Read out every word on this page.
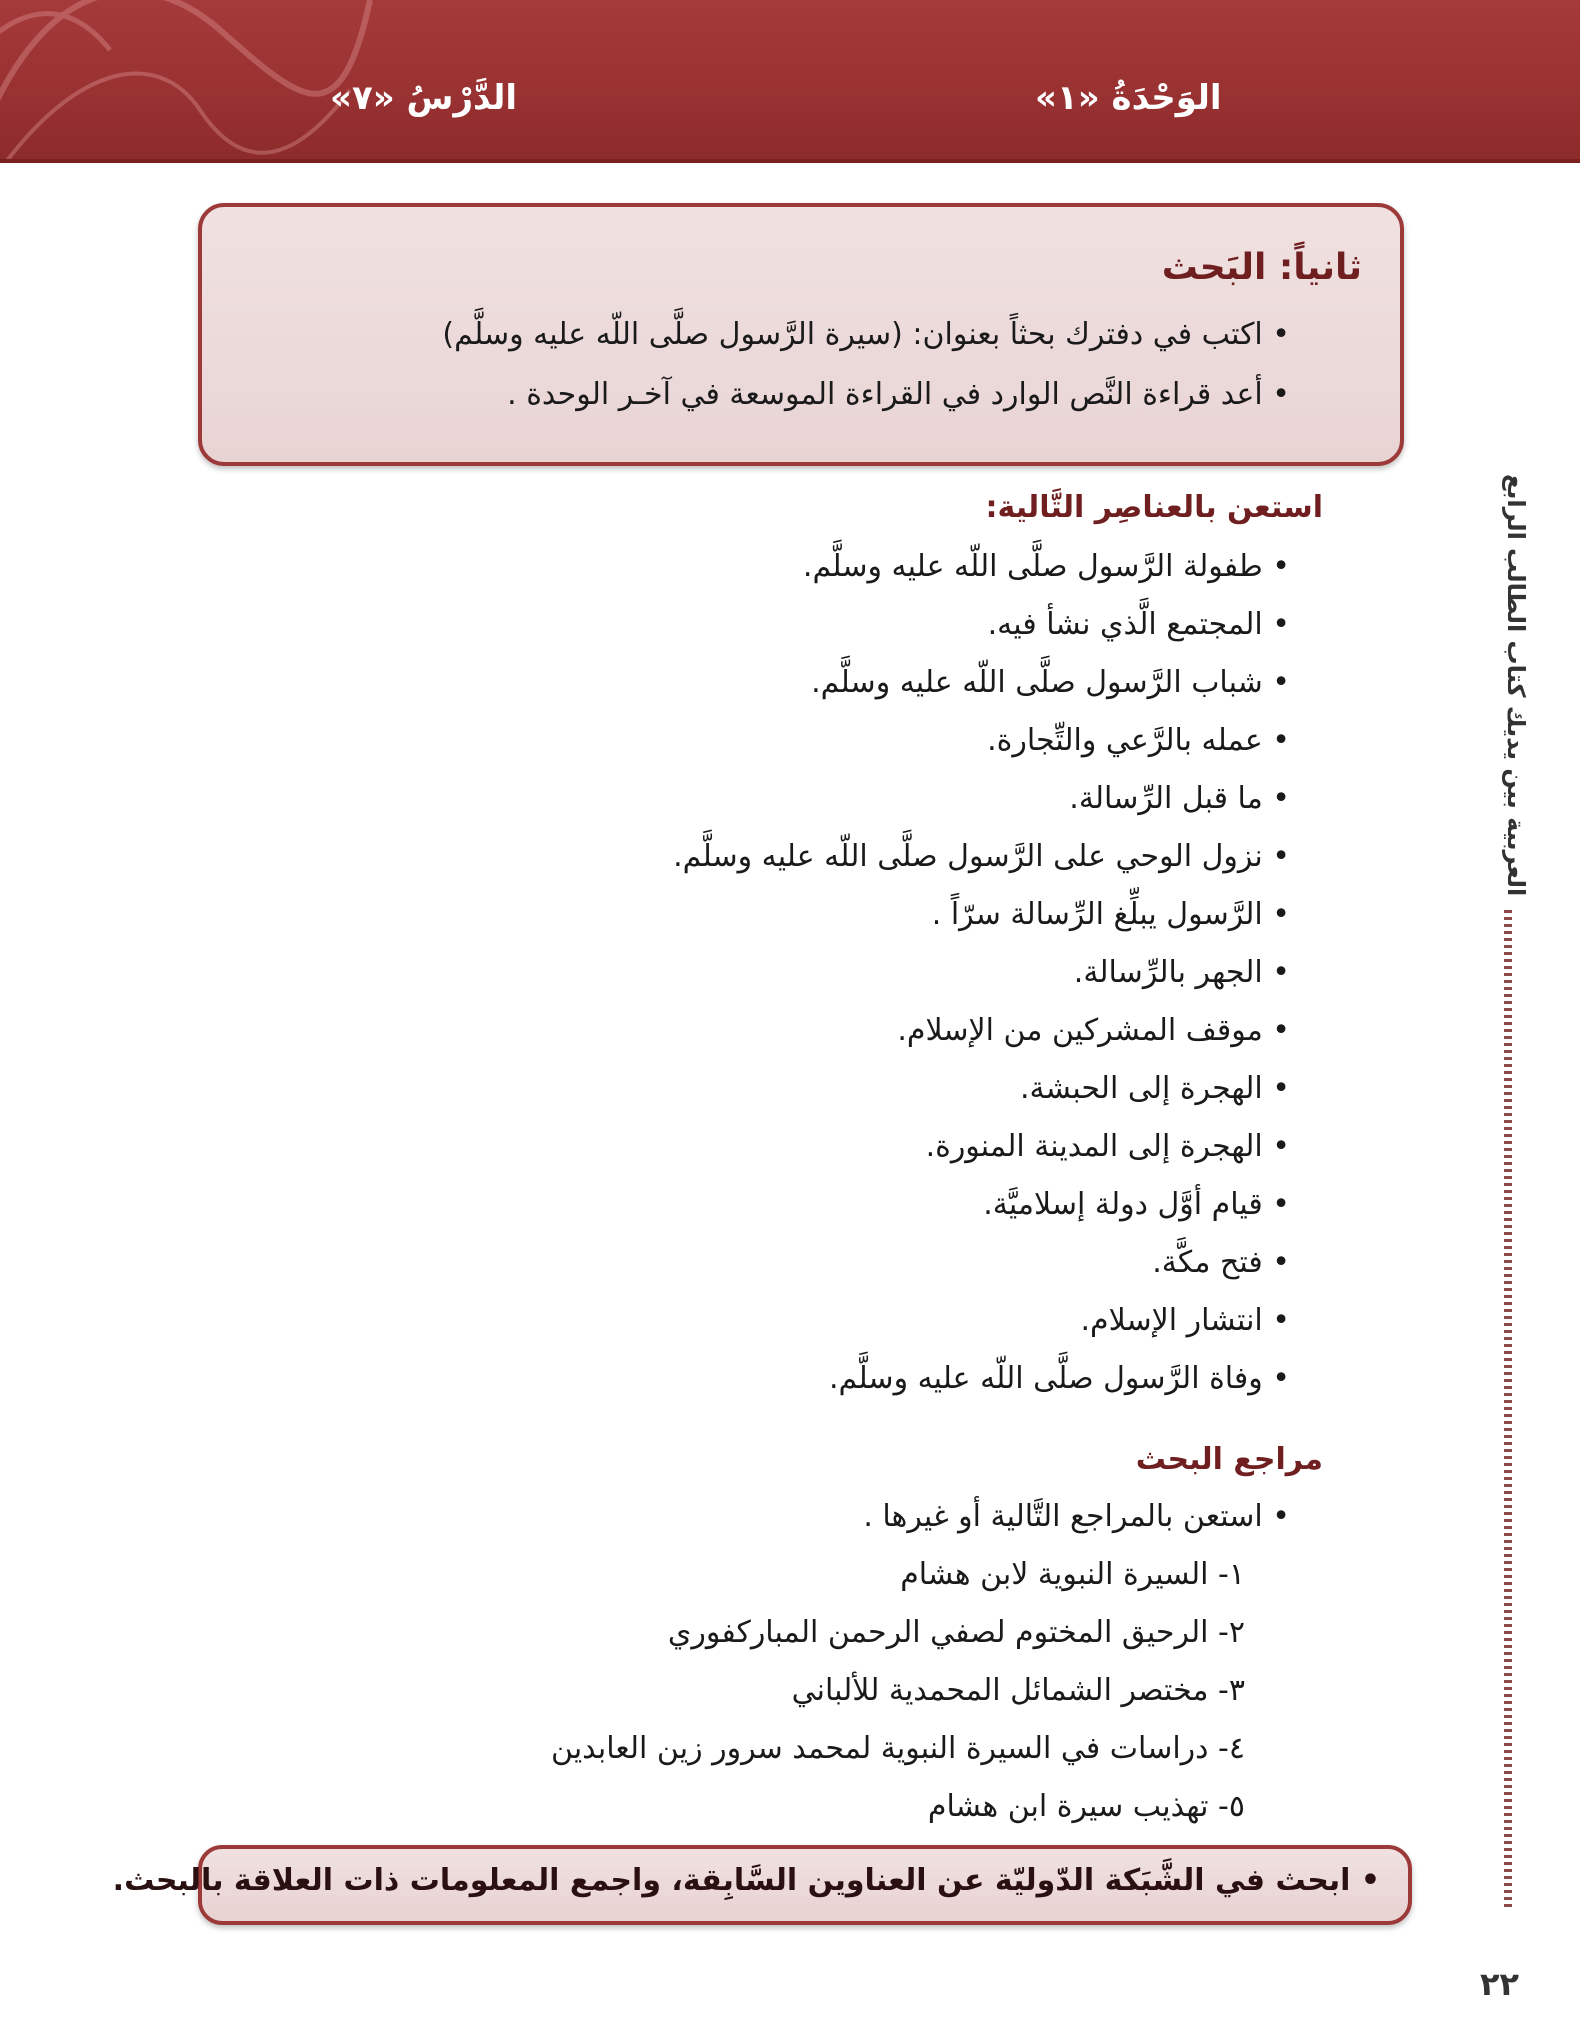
الدَّرْسُ «٧»	الوَحْدَةُ «١»
ثانياً: البَحث
• اكتب في دفترك بحثاً بعنوان: (سيرة الرَّسول صلَّى اللّه عليه وسلَّم)
• أعد قراءة النَّص الوارد في القراءة الموسعة في آخـر الوحدة .
العربية بين يديك كتاب الطالب الرابع
استعن بالعناصِر التَّالية:
• طفولة الرَّسول صلَّى اللّه عليه وسلَّم.
• المجتمع الَّذي نشأ فيه.
• شباب الرَّسول صلَّى اللّه عليه وسلَّم.
• عمله بالرَّعي والتِّجارة.
• ما قبل الرِّسالة.
• نزول الوحي على الرَّسول صلَّى اللّه عليه وسلَّم.
• الرَّسول يبلِّغ الرِّسالة سرّاً .
• الجهر بالرِّسالة.
• موقف المشركين من الإسلام.
• الهجرة إلى الحبشة.
• الهجرة إلى المدينة المنورة.
• قيام أوَّل دولة إسلاميَّة.
• فتح مكَّة.
• انتشار الإسلام.
• وفاة الرَّسول صلَّى اللّه عليه وسلَّم.
مراجع البحث
• استعن بالمراجع التَّالية أو غيرها .
١- السيرة النبوية لابن هشام
٢- الرحيق المختوم لصفي الرحمن المباركفوري
٣- مختصر الشمائل المحمدية للألباني
٤- دراسات في السيرة النبوية لمحمد سرور زين العابدين
٥- تهذيب سيرة ابن هشام
• ابحث في الشَّبَكة الدّوليّة عن العناوين السَّابِقة، واجمع المعلومات ذات العلاقة بالبحث.
٢٢
